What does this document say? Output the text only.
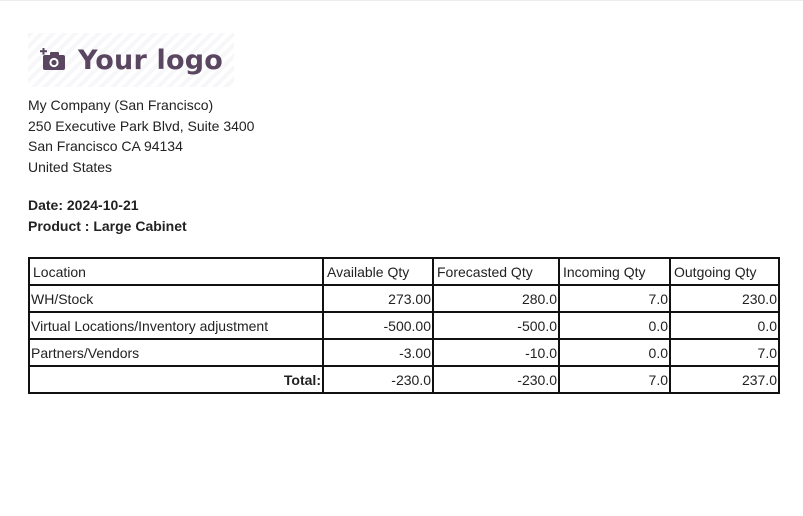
Your logo
My Company (San Francisco)
250 Executive Park Blvd, Suite 3400
San Francisco CA 94134
United States
Date: 2024-10-21
Product : Large Cabinet
Location	Available Qty	Forecasted Qty	Incoming Qty	Outgoing Qty
WH/Stock	273.00	280.0	7.0	230.0
Virtual Locations/Inventory adjustment	-500.00	-500.0	0.0	0.0
Partners/Vendors	-3.00	-10.0	0.0	7.0
Total:	-230.0	-230.0	7.0	237.0
